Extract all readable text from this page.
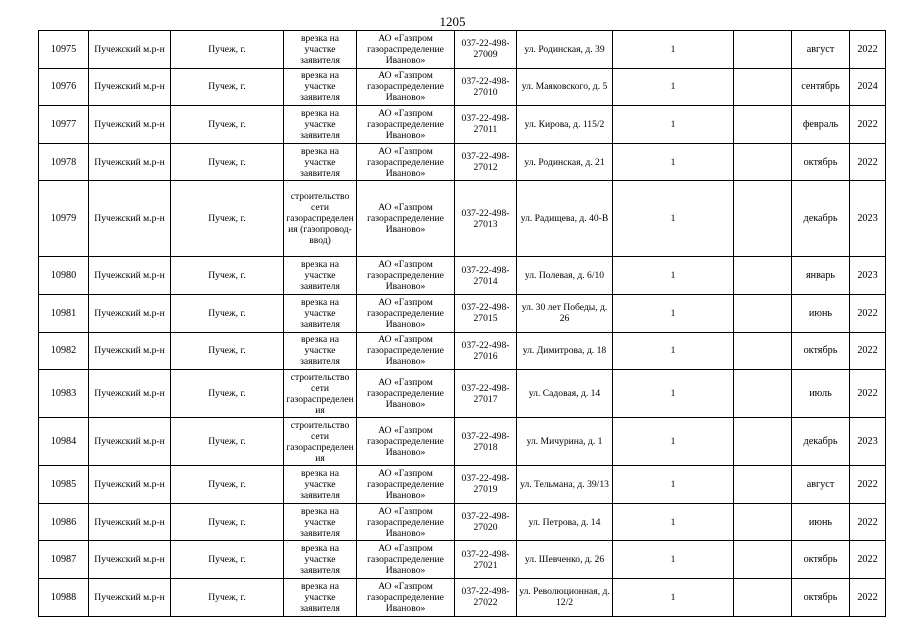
1205
10975	Пучежский м.р-н	Пучеж, г.	врезка на участке заявителя	АО «Газпром газораспределение Иваново»	037-22-498-27009	ул. Родинская, д. 39	1		август	2022
10976	Пучежский м.р-н	Пучеж, г.	врезка на участке заявителя	АО «Газпром газораспределение Иваново»	037-22-498-27010	ул. Маяковского, д. 5	1		сентябрь	2024
10977	Пучежский м.р-н	Пучеж, г.	врезка на участке заявителя	АО «Газпром газораспределение Иваново»	037-22-498-27011	ул. Кирова, д. 115/2	1		февраль	2022
10978	Пучежский м.р-н	Пучеж, г.	врезка на участке заявителя	АО «Газпром газораспределение Иваново»	037-22-498-27012	ул. Родинская, д. 21	1		октябрь	2022
10979	Пучежский м.р-н	Пучеж, г.	строительство сети газораспределения (газопровод-ввод)	АО «Газпром газораспределение Иваново»	037-22-498-27013	ул. Радищева, д. 40-В	1		декабрь	2023
10980	Пучежский м.р-н	Пучеж, г.	врезка на участке заявителя	АО «Газпром газораспределение Иваново»	037-22-498-27014	ул. Полевая, д. 6/10	1		январь	2023
10981	Пучежский м.р-н	Пучеж, г.	врезка на участке заявителя	АО «Газпром газораспределение Иваново»	037-22-498-27015	ул. 30 лет Победы, д. 26	1		июнь	2022
10982	Пучежский м.р-н	Пучеж, г.	врезка на участке заявителя	АО «Газпром газораспределение Иваново»	037-22-498-27016	ул. Димитрова, д. 18	1		октябрь	2022
10983	Пучежский м.р-н	Пучеж, г.	строительство сети газораспределения	АО «Газпром газораспределение Иваново»	037-22-498-27017	ул. Садовая, д. 14	1		июль	2022
10984	Пучежский м.р-н	Пучеж, г.	строительство сети газораспределения	АО «Газпром газораспределение Иваново»	037-22-498-27018	ул. Мичурина, д. 1	1		декабрь	2023
10985	Пучежский м.р-н	Пучеж, г.	врезка на участке заявителя	АО «Газпром газораспределение Иваново»	037-22-498-27019	ул. Тельмана, д. 39/13	1		август	2022
10986	Пучежский м.р-н	Пучеж, г.	врезка на участке заявителя	АО «Газпром газораспределение Иваново»	037-22-498-27020	ул. Петрова, д. 14	1		июнь	2022
10987	Пучежский м.р-н	Пучеж, г.	врезка на участке заявителя	АО «Газпром газораспределение Иваново»	037-22-498-27021	ул. Шевченко, д. 26	1		октябрь	2022
10988	Пучежский м.р-н	Пучеж, г.	врезка на участке заявителя	АО «Газпром газораспределение Иваново»	037-22-498-27022	ул. Революционная, д. 12/2	1		октябрь	2022
